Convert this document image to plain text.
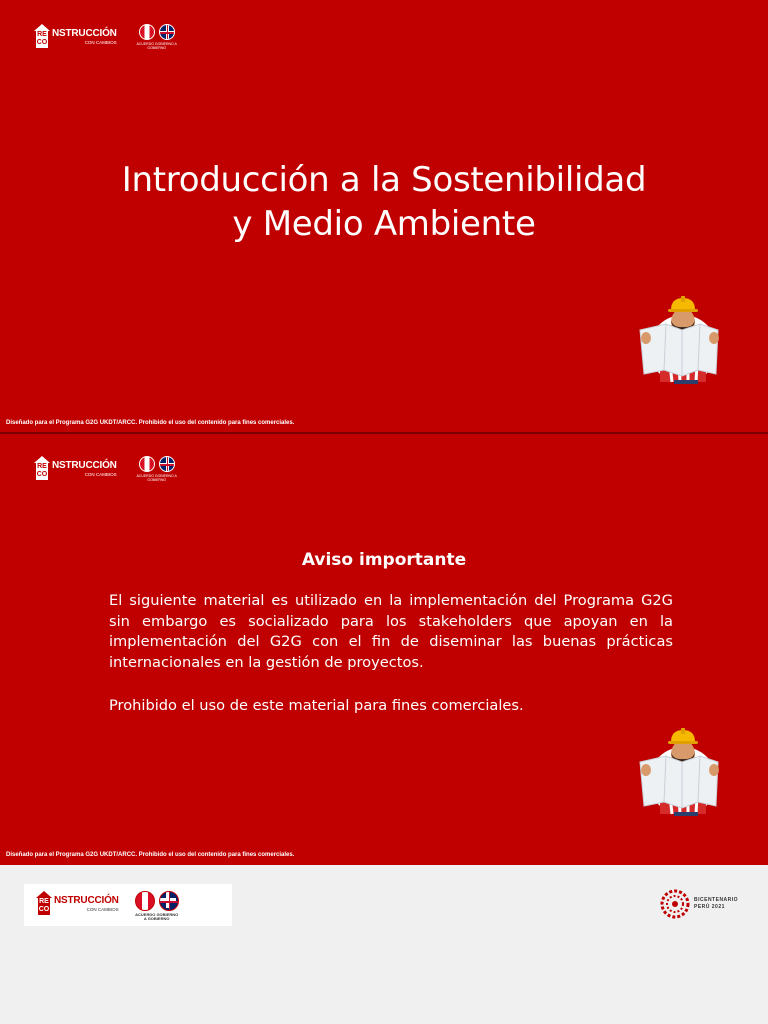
RE
CO
NSTRUCCIÓN
CON CAMBIOS	ACUERDO GOBIERNO A GOBIERNO
Introducción a la Sostenibilidad
y Medio Ambiente
Diseñado para el Programa G2G UKDT/ARCC. Prohibido el uso del contenido para fines comerciales.
RE
CO
NSTRUCCIÓN
CON CAMBIOS	ACUERDO GOBIERNO A GOBIERNO
Aviso importante

El siguiente material es utilizado en la implementación del Programa G2G sin embargo es socializado para los stakeholders que apoyan en la implementación del G2G con el fin de diseminar las buenas prácticas internacionales en la gestión de proyectos.

Prohibido el uso de este material para fines comerciales.

Diseñado para el Programa G2G UKDT/ARCC. Prohibido el uso del contenido para fines comerciales.
RE
CO
NSTRUCCIÓN
CON CAMBIOS
ACUERDO GOBIERNO
A GOBIERNO
BICENTENARIO
PERÚ 2021
